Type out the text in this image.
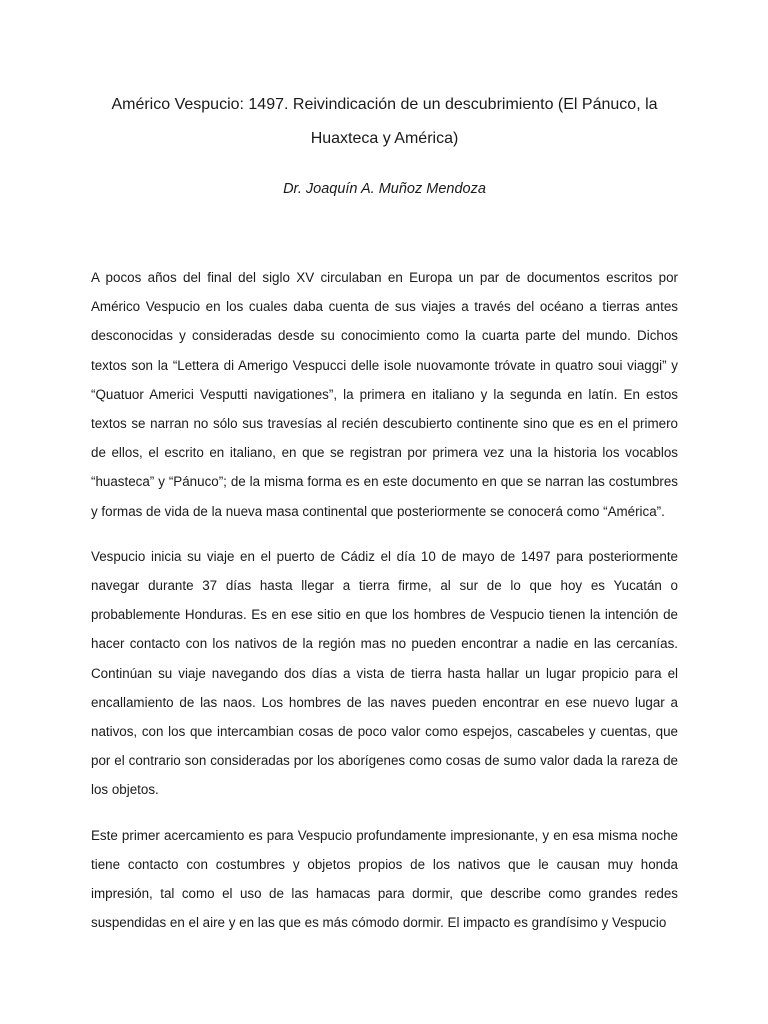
Américo Vespucio: 1497. Reivindicación de un descubrimiento (El Pánuco, la Huaxteca y América)
Dr. Joaquín A. Muñoz Mendoza

A pocos años del final del siglo XV circulaban en Europa un par de documentos escritos por Américo Vespucio en los cuales daba cuenta de sus viajes a través del océano a tierras antes desconocidas y consideradas desde su conocimiento como la cuarta parte del mundo. Dichos textos son la “Lettera di Amerigo Vespucci delle isole nuovamonte tróvate in quatro soui viaggi” y “Quatuor Americi Vesputti navigationes”, la primera en italiano y la segunda en latín. En estos textos se narran no sólo sus travesías al recién descubierto continente sino que es en el primero de ellos, el escrito en italiano, en que se registran por primera vez una la historia los vocablos “huasteca” y “Pánuco”; de la misma forma es en este documento en que se narran las costumbres y formas de vida de la nueva masa continental que posteriormente se conocerá como “América”.

Vespucio inicia su viaje en el puerto de Cádiz el día 10 de mayo de 1497 para posteriormente navegar durante 37 días hasta llegar a tierra firme, al sur de lo que hoy es Yucatán o probablemente Honduras. Es en ese sitio en que los hombres de Vespucio tienen la intención de hacer contacto con los nativos de la región mas no pueden encontrar a nadie en las cercanías. Continúan su viaje navegando dos días a vista de tierra hasta hallar un lugar propicio para el encallamiento de las naos. Los hombres de las naves pueden encontrar en ese nuevo lugar a nativos, con los que intercambian cosas de poco valor como espejos, cascabeles y cuentas, que por el contrario son consideradas por los aborígenes como cosas de sumo valor dada la rareza de los objetos.

Este primer acercamiento es para Vespucio profundamente impresionante, y en esa misma noche tiene contacto con costumbres y objetos propios de los nativos que le causan muy honda impresión, tal como el uso de las hamacas para dormir, que describe como grandes redes suspendidas en el aire y en las que es más cómodo dormir. El impacto es grandísimo y Vespucio
